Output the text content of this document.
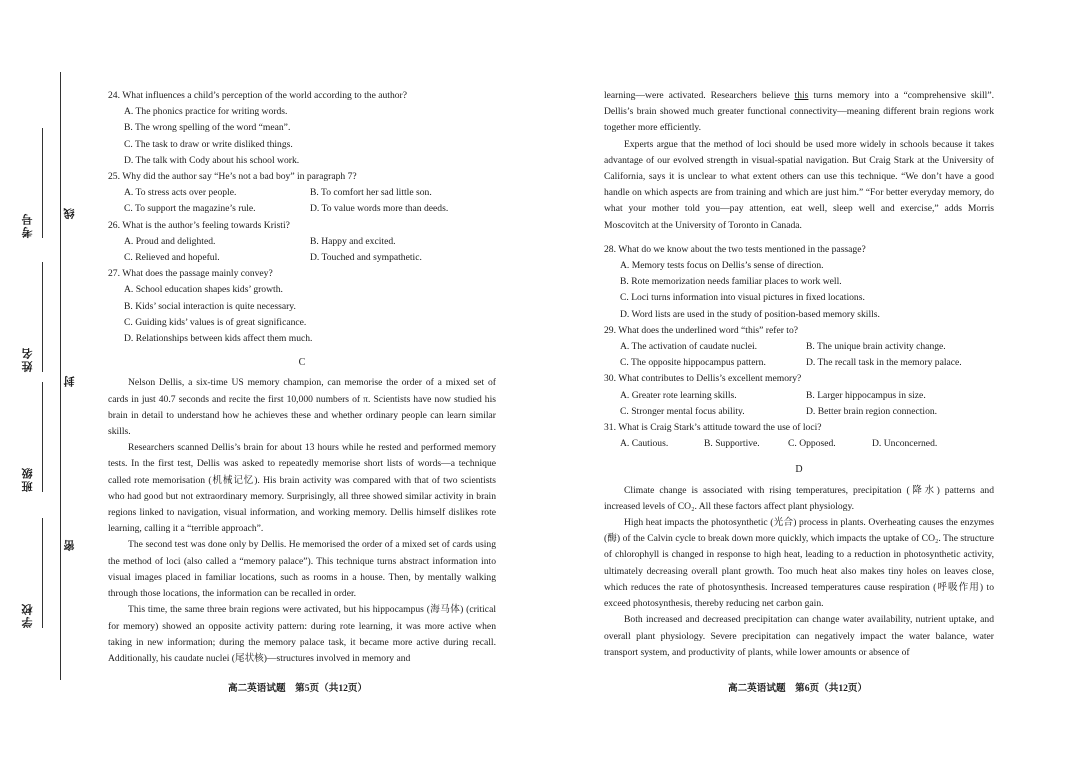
考号
姓名
班级
学校
线
封
密

24. What influences a child’s perception of the world according to the author?

A. The phonics practice for writing words.

B. The wrong spelling of the word “mean”.

C. The task to draw or write disliked things.

D. The talk with Cody about his school work.

25. Why did the author say “He’s not a bad boy” in paragraph 7?

A. To stress acts over people.	B. To comfort her sad little son.
C. To support the magazine’s rule.	D. To value words more than deeds.

26. What is the author’s feeling towards Kristi?

A. Proud and delighted.	B. Happy and excited.
C. Relieved and hopeful.	D. Touched and sympathetic.

27. What does the passage mainly convey?

A. School education shapes kids’ growth.

B. Kids’ social interaction is quite necessary.

C. Guiding kids’ values is of great significance.

D. Relationships between kids affect them much.

C

Nelson Dellis, a six-time US memory champion, can memorise the order of a mixed set of cards in just 40.7 seconds and recite the first 10,000 numbers of π. Scientists have now studied his brain in detail to understand how he achieves these and whether ordinary people can learn similar skills.

Researchers scanned Dellis’s brain for about 13 hours while he rested and performed memory tests. In the first test, Dellis was asked to repeatedly memorise short lists of words—a technique called rote memorisation (机械记忆). His brain activity was compared with that of two scientists who had good but not extraordinary memory. Surprisingly, all three showed similar activity in brain regions linked to navigation, visual information, and working memory. Dellis himself dislikes rote learning, calling it a “terrible approach”.

The second test was done only by Dellis. He memorised the order of a mixed set of cards using the method of loci (also called a “memory palace”). This technique turns abstract information into visual images placed in familiar locations, such as rooms in a house. Then, by mentally walking through those locations, the information can be recalled in order.

This time, the same three brain regions were activated, but his hippocampus (海马体) (critical for memory) showed an opposite activity pattern: during rote learning, it was more active when taking in new information; during the memory palace task, it became more active during recall. Additionally, his caudate nuclei (尾状核)—structures involved in memory and

learning—were activated. Researchers believe this turns memory into a “comprehensive skill”. Dellis’s brain showed much greater functional connectivity—meaning different brain regions work together more efficiently.

Experts argue that the method of loci should be used more widely in schools because it takes advantage of our evolved strength in visual-spatial navigation. But Craig Stark at the University of California, says it is unclear to what extent others can use this technique. “We don’t have a good handle on which aspects are from training and which are just him.” “For better everyday memory, do what your mother told you—pay attention, eat well, sleep well and exercise,” adds Morris Moscovitch at the University of Toronto in Canada.

28. What do we know about the two tests mentioned in the passage?

A. Memory tests focus on Dellis’s sense of direction.

B. Rote memorization needs familiar places to work well.

C. Loci turns information into visual pictures in fixed locations.

D. Word lists are used in the study of position-based memory skills.

29. What does the underlined word “this” refer to?

A. The activation of caudate nuclei.	B. The unique brain activity change.
C. The opposite hippocampus pattern.	D. The recall task in the memory palace.

30. What contributes to Dellis’s excellent memory?

A. Greater rote learning skills.	B. Larger hippocampus in size.
C. Stronger mental focus ability.	D. Better brain region connection.

31. What is Craig Stark’s attitude toward the use of loci?

A. Cautious.	B. Supportive.	C. Opposed.	D. Unconcerned.
D

Climate change is associated with rising temperatures, precipitation (降水) patterns and increased levels of CO₂. All these factors affect plant physiology.

High heat impacts the photosynthetic (光合) process in plants. Overheating causes the enzymes (酶) of the Calvin cycle to break down more quickly, which impacts the uptake of CO₂. The structure of chlorophyll is changed in response to high heat, leading to a reduction in photosynthetic activity, ultimately decreasing overall plant growth. Too much heat also makes tiny holes on leaves close, which reduces the rate of photosynthesis. Increased temperatures cause respiration (呼吸作用) to exceed photosynthesis, thereby reducing net carbon gain.

Both increased and decreased precipitation can change water availability, nutrient uptake, and overall plant physiology. Severe precipitation can negatively impact the water balance, water transport system, and productivity of plants, while lower amounts or absence of

高二英语试题　第5页（共12页）	高二英语试题　第6页（共12页）
